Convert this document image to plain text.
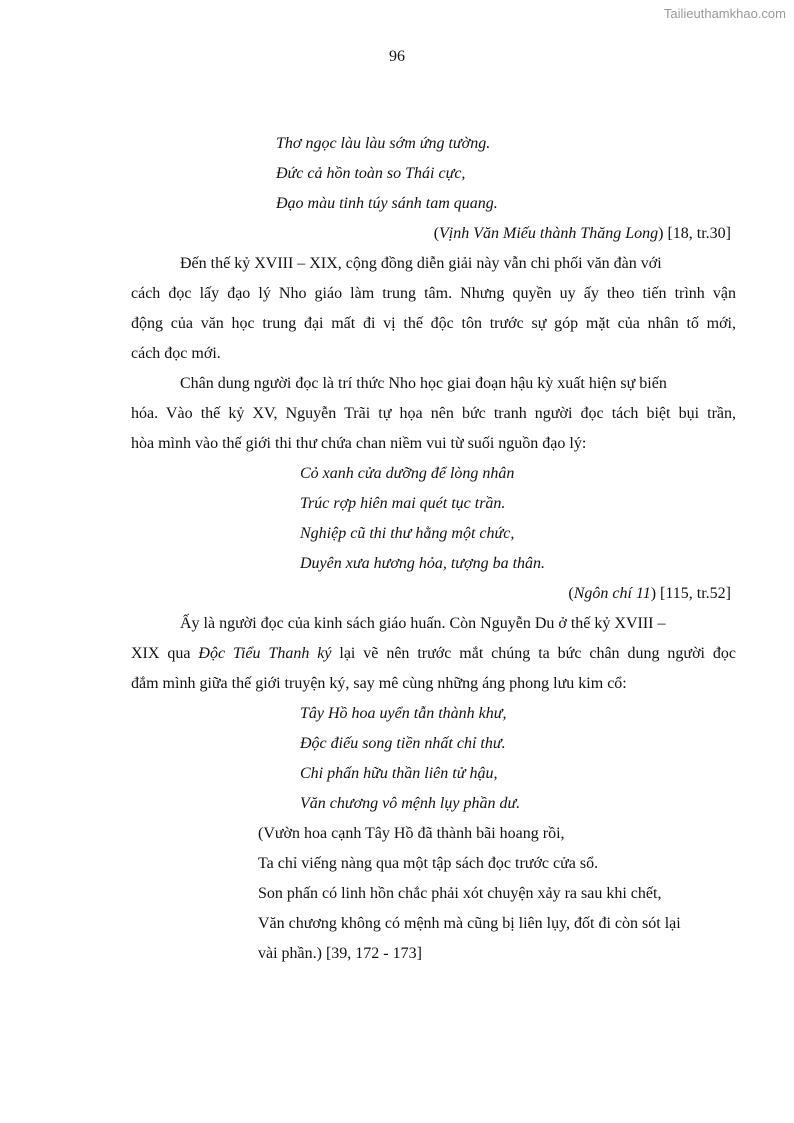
Tailieuthamkhao.com
96
Thơ ngọc làu làu sớm ứng tường.
Đức cả hồn toàn so Thái cực,
Đạo màu tinh túy sánh tam quang.
(Vịnh Văn Miếu thành Thăng Long) [18, tr.30]
Đến thế kỷ XVIII – XIX, cộng đồng diễn giải này vẫn chi phối văn đàn với
cách đọc lấy đạo lý Nho giáo làm trung tâm. Nhưng quyền uy ấy theo tiến trình vận
động của văn học trung đại mất đi vị thế độc tôn trước sự góp mặt của nhân tố mới,
cách đọc mới.
Chân dung người đọc là trí thức Nho học giai đoạn hậu kỳ xuất hiện sự biến
hóa. Vào thế kỷ XV, Nguyễn Trãi tự họa nên bức tranh người đọc tách biệt bụi trần,
hòa mình vào thế giới thi thư chứa chan niềm vui từ suối nguồn đạo lý:
Cỏ xanh cửa dưỡng để lòng nhân
Trúc rợp hiên mai quét tục trần.
Nghiệp cũ thi thư hằng một chức,
Duyên xưa hương hỏa, tượng ba thân.
(Ngôn chí 11) [115, tr.52]
Ấy là người đọc của kinh sách giáo huấn. Còn Nguyễn Du ở thế kỷ XVIII –
XIX qua Độc Tiểu Thanh ký lại vẽ nên trước mắt chúng ta bức chân dung người đọc
đắm mình giữa thế giới truyện ký, say mê cùng những áng phong lưu kim cổ:
Tây Hồ hoa uyển tẫn thành khư,
Độc điếu song tiền nhất chỉ thư.
Chi phấn hữu thần liên tử hậu,
Văn chương vô mệnh lụy phần dư.
(Vườn hoa cạnh Tây Hồ đã thành bãi hoang rồi,
Ta chỉ viếng nàng qua một tập sách đọc trước cửa sổ.
Son phấn có linh hồn chắc phải xót chuyện xảy ra sau khi chết,
Văn chương không có mệnh mà cũng bị liên lụy, đốt đi còn sót lại
vài phần.) [39, 172 - 173]
